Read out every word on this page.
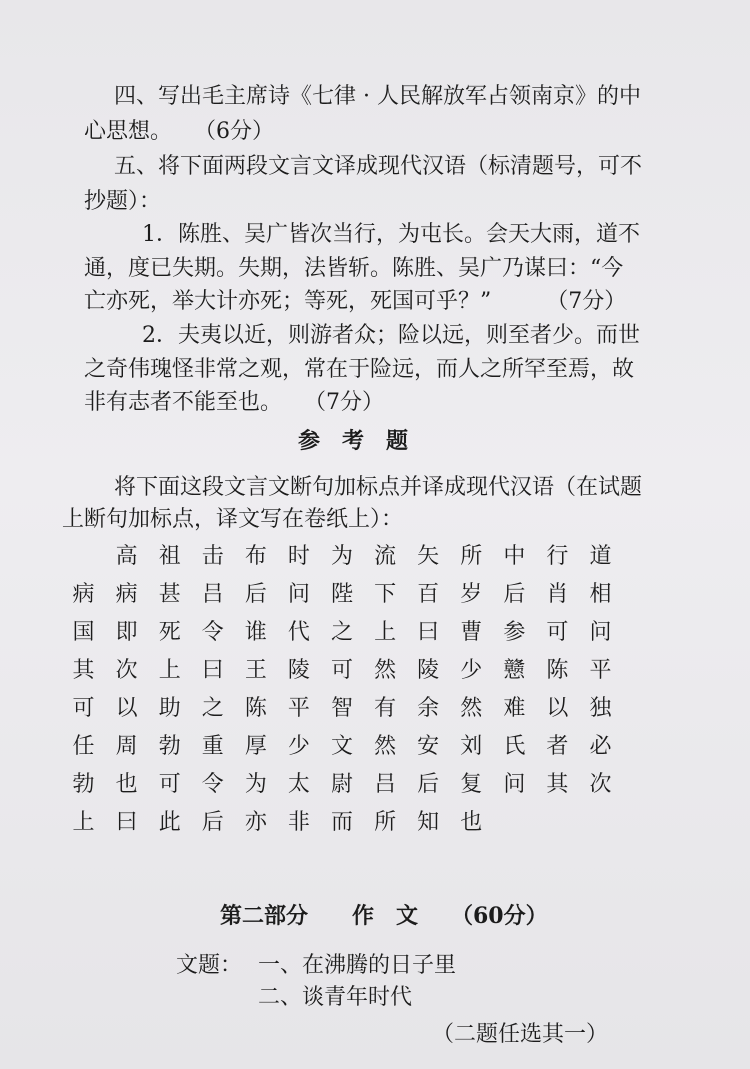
四、写出毛主席诗《七律 · 人民解放军占领南京》的中
心思想。　　（6分）
五、将下面两段文言文译成现代汉语（标清题号，可不
抄题）：
1．陈胜、吴广皆次当行，为屯长。会天大雨，道不
通，度已失期。失期，法皆斩。陈胜、吴广乃谋曰：“今
亡亦死，举大计亦死；等死，死国可乎？”　　　（7分）
2．夫夷以近，则游者众；险以远，则至者少。而世
之奇伟瑰怪非常之观，常在于险远，而人之所罕至焉，故
非有志者不能至也。　　（7分）
参　考　题
将下面这段文言文断句加标点并译成现代汉语（在试题
上断句加标点，译文写在卷纸上）：
高 祖 击 布 时 为 流 矢 所 中 行 道
病 病 甚 吕 后 问 陛 下 百 岁 后 肖 相
国 即 死 令 谁 代 之 上 曰 曹 参 可 问
其 次 上 曰 王 陵 可 然 陵 少 戆 陈 平
可 以 助 之 陈 平 智 有 余 然 难 以 独
任 周 勃 重 厚 少 文 然 安 刘 氏 者 必
勃 也 可 令 为 太 尉 吕 后 复 问 其 次
上 曰 此 后 亦 非 而 所 知 也
第二部分　　作　文　　（60分）
文题： 一、在沸腾的日子里
二、谈青年时代
（二题任选其一）
